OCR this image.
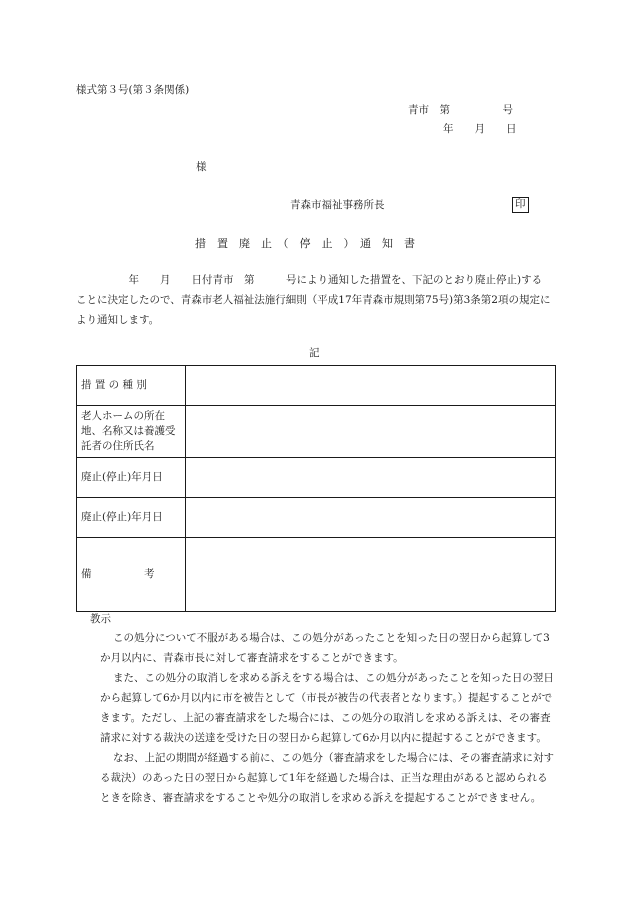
様式第３号(第３条関係)
青市　第　　　　　号
年　　月　　日
様
青森市福祉事務所長	印
措　置　廃　止　（　停　止　）　通　知　書
　　　　　年　　月　　日付青市　第　　　号により通知した措置を、下記のとおり廃止停止)することに決定したので、青森市老人福祉法施行細則（平成17年青森市規則第75号)第3条第2項の規定により通知します。
記
措 置 の 種 別	
老人ホームの所在地、名称又は養護受託者の住所氏名	
廃止(停止)年月日	
廃止(停止)年月日	
備　　　　　考	
教示

この処分について不服がある場合は、この処分があったことを知った日の翌日から起算して3か月以内に、青森市長に対して審査請求をすることができます。

また、この処分の取消しを求める訴えをする場合は、この処分があったことを知った日の翌日から起算して6か月以内に市を被告として（市長が被告の代表者となります。）提起することができます。ただし、上記の審査請求をした場合には、この処分の取消しを求める訴えは、その審査請求に対する裁決の送達を受けた日の翌日から起算して6か月以内に提起することができます。

なお、上記の期間が経過する前に、この処分（審査請求をした場合には、その審査請求に対する裁決）のあった日の翌日から起算して1年を経過した場合は、正当な理由があると認められるときを除き、審査請求をすることや処分の取消しを求める訴えを提起することができません。
